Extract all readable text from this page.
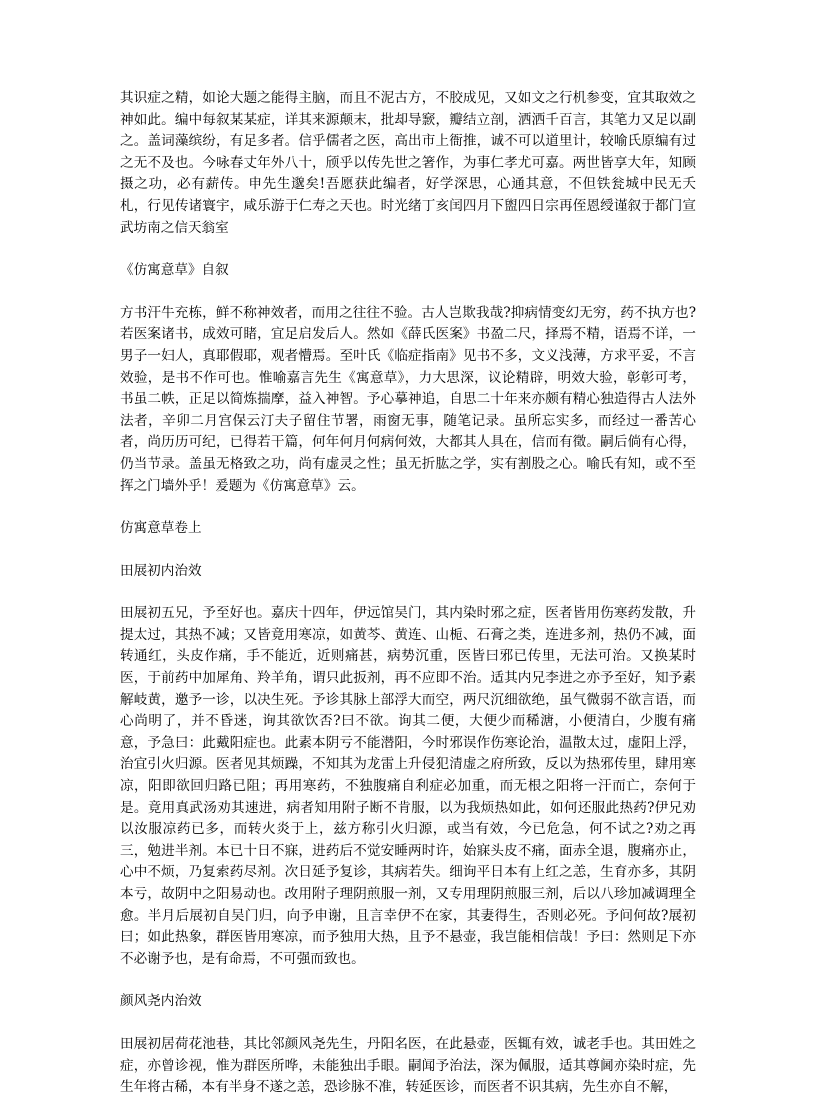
其识症之精，如论大题之能得主脑，而且不泥古方，不胶成见，又如文之行机参变，宜其取效之神如此。编中每叙某某症，详其来源颠末，批却导窾，瓣结立剖，洒洒千百言，其笔力又足以副之。盖词藻缤纷，有足多者。信乎儒者之医，高出市上衙推，诚不可以道里计，较喻氏原编有过之无不及也。今咏春丈年外八十，颀乎以传先世之箸作，为事仁孝尤可嘉。两世皆享大年，知顾摄之功，必有薪传。申先生邈矣!吾愿获此编者，好学深思，心通其意，不但铁瓮城中民无夭札，行见传诸寰宇，咸乐游于仁寿之天也。时光绪丁亥闰四月下盥四日宗再侄恩绶谨叙于都门宣武坊南之信天翁室

《仿寓意草》自叙

方书汗牛充栋，鲜不称神效者，而用之往往不验。古人岂欺我哉?抑病情变幻无穷，药不执方也?若医案诸书，成效可睹，宜足启发后人。然如《薛氏医案》书盈二尺，择焉不精，语焉不详，一男子一妇人，真耶假耶，观者懵焉。至叶氏《临症指南》见书不多，文义浅薄，方求平妥，不言效验，是书不作可也。惟喻嘉言先生《寓意草》，力大思深，议论精辟，明效大验，彰彰可考，书虽二帙，正足以简炼揣摩，益入神智。予心摹神追，自思二十年来亦颇有精心独造得古人法外法者，辛卯二月宫保云汀夫子留住节署，雨窗无事，随笔记录。虽所忘实多，而经过一番苦心者，尚历历可纪，已得若干篇，何年何月何病何效，大都其人具在，信而有徵。嗣后倘有心得，仍当节录。盖虽无格致之功，尚有虚灵之性；虽无折肱之学，实有割股之心。喻氏有知，或不至挥之门墙外乎！爰题为《仿寓意草》云。

仿寓意草卷上

田展初内治效

田展初五兄，予至好也。嘉庆十四年，伊远馆吴门，其内染时邪之症，医者皆用伤寒药发散，升提太过，其热不减；又皆竟用寒凉，如黄芩、黄连、山栀、石膏之类，连进多剂，热仍不减，面转通红，头皮作痛，手不能近，近则痛甚，病势沉重，医皆曰邪已传里，无法可治。又换某时医，于前药中加犀角、羚羊角，谓只此扳剂，再不应即不治。适其内兄李进之亦予至好，知予素解岐黄，邀予一诊，以决生死。予诊其脉上部浮大而空，两尺沉细欲绝，虽气微弱不欲言语，而心尚明了，并不昏迷，询其欲饮否?曰不欲。询其二便，大便少而稀溏，小便清白，少腹有痛意，予急曰：此戴阳症也。此素本阴亏不能潜阳，今时邪误作伤寒论治，温散太过，虚阳上浮，治宜引火归源。医者见其烦躁，不知其为龙雷上升侵犯清虚之府所致，反以为热邪传里，肆用寒凉，阳即欲回归路已阻；再用寒药，不独腹痛自利症必加重，而无根之阳将一汗而亡，奈何于是。竟用真武汤劝其速进，病者知用附子断不肯服，以为我烦热如此，如何还服此热药?伊兄劝以汝服凉药已多，而转火炎于上，兹方称引火归源，或当有效，今已危急，何不试之?劝之再三，勉进半剂。本已十日不寐，进药后不觉安睡两时许，始寐头皮不痛，面赤全退，腹痛亦止，心中不烦，乃复索药尽剂。次日延予复诊，其病若失。细询平日本有上红之恙，生育亦多，其阴本亏，故阴中之阳易动也。改用附子理阴煎服一剂，又专用理阴煎服三剂，后以八珍加减调理全愈。半月后展初自吴门归，向予申谢，且言幸伊不在家，其妻得生，否则必死。予问何故?展初曰；如此热象，群医皆用寒凉，而予独用大热，且予不悬壶，我岂能相信哉！予曰：然则足下亦不必谢予也，是有命焉，不可强而致也。

颜风尧内治效

田展初居荷花池巷，其比邻颜风尧先生，丹阳名医，在此悬壶，医辄有效，诚老手也。其田姓之症，亦曾诊视，惟为群医所哗，未能独出手眼。嗣闻予治法，深为佩服，适其尊阃亦染时症，先生年将古稀，本有半身不遂之恙，恐诊脉不准，转延医诊，而医者不识其病，先生亦自不解，
